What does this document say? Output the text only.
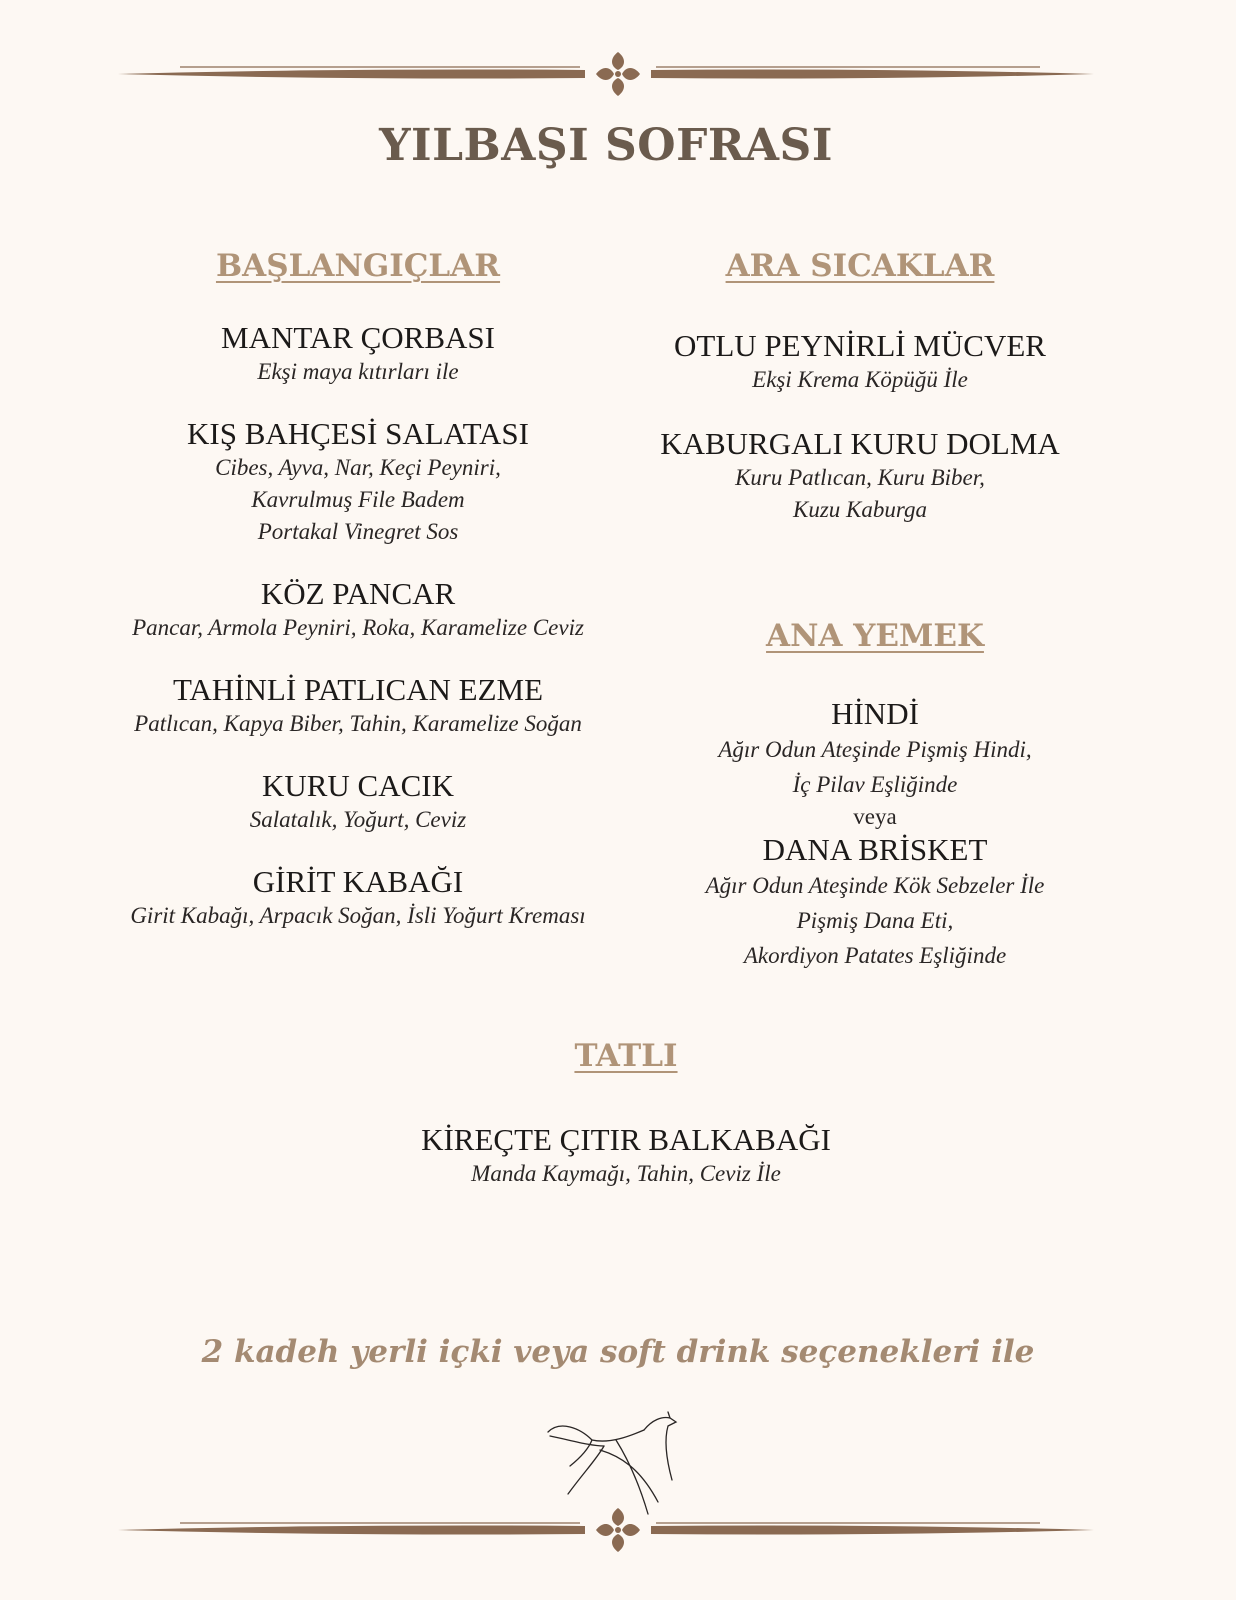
YILBAŞI SOFRASI
BAŞLANGIÇLAR

MANTAR ÇORBASI

Ekşi maya kıtırları ile

KIŞ BAHÇESİ SALATASI

Cibes, Ayva, Nar, Keçi Peyniri,

Kavrulmuş File Badem

Portakal Vinegret Sos

KÖZ PANCAR

Pancar, Armola Peyniri, Roka, Karamelize Ceviz

TAHİNLİ PATLICAN EZME

Patlıcan, Kapya Biber, Tahin, Karamelize Soğan

KURU CACIK

Salatalık, Yoğurt, Ceviz

GİRİT KABAĞI

Girit Kabağı, Arpacık Soğan, İsli Yoğurt Kreması

ARA SICAKLAR

OTLU PEYNİRLİ MÜCVER

Ekşi Krema Köpüğü İle

KABURGALI KURU DOLMA

Kuru Patlıcan, Kuru Biber,

Kuzu Kaburga

ANA YEMEK

HİNDİ

Ağır Odun Ateşinde Pişmiş Hindi,

İç Pilav Eşliğinde

veya

DANA BRİSKET

Ağır Odun Ateşinde Kök Sebzeler İle

Pişmiş Dana Eti,

Akordiyon Patates Eşliğinde

TATLI

KİREÇTE ÇITIR BALKABAĞI

Manda Kaymağı, Tahin, Ceviz İle

2 kadeh yerli içki veya soft drink seçenekleri ile
